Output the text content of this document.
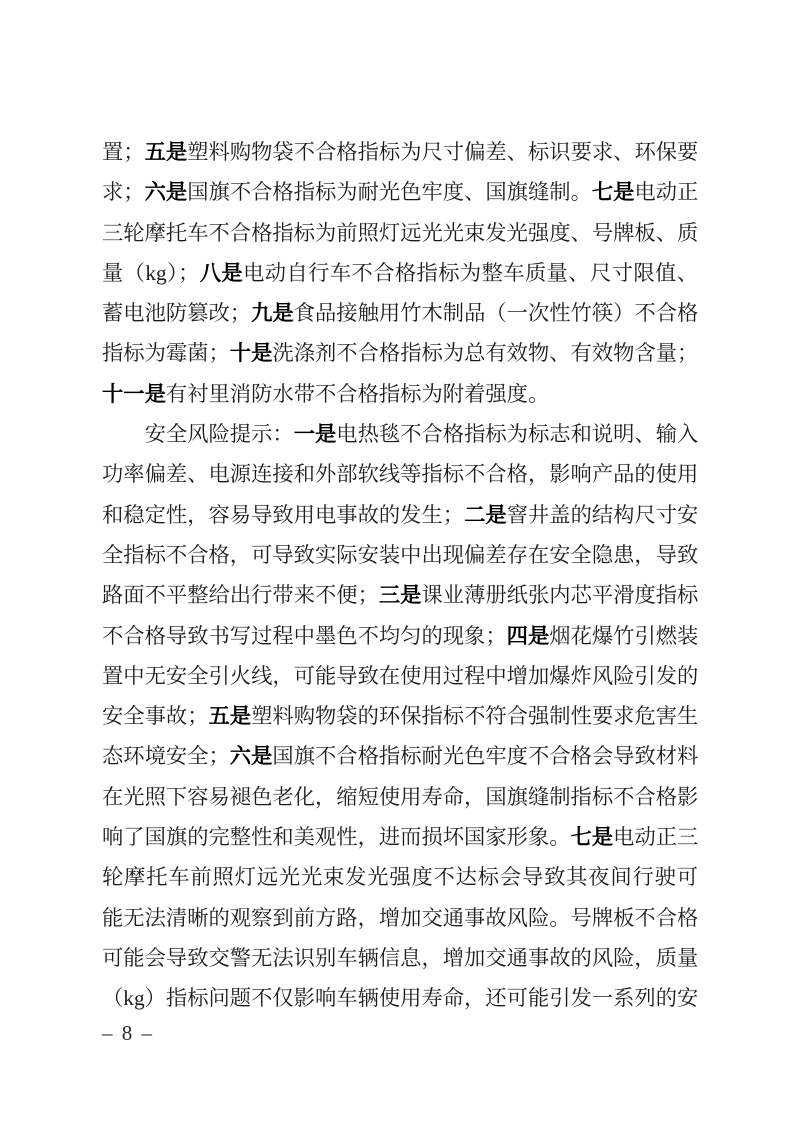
置；五是塑料购物袋不合格指标为尺寸偏差、标识要求、环保要
求；六是国旗不合格指标为耐光色牢度、国旗缝制。七是电动正
三轮摩托车不合格指标为前照灯远光光束发光强度、号牌板、质
量（kg）；八是电动自行车不合格指标为整车质量、尺寸限值、
蓄电池防篡改；九是食品接触用竹木制品（一次性竹筷）不合格
指标为霉菌；十是洗涤剂不合格指标为总有效物、有效物含量；
十一是有衬里消防水带不合格指标为附着强度。
安全风险提示：一是电热毯不合格指标为标志和说明、输入
功率偏差、电源连接和外部软线等指标不合格，影响产品的使用
和稳定性，容易导致用电事故的发生；二是窨井盖的结构尺寸安
全指标不合格，可导致实际安装中出现偏差存在安全隐患，导致
路面不平整给出行带来不便；三是课业薄册纸张内芯平滑度指标
不合格导致书写过程中墨色不均匀的现象；四是烟花爆竹引燃装
置中无安全引火线，可能导致在使用过程中增加爆炸风险引发的
安全事故；五是塑料购物袋的环保指标不符合强制性要求危害生
态环境安全；六是国旗不合格指标耐光色牢度不合格会导致材料
在光照下容易褪色老化，缩短使用寿命，国旗缝制指标不合格影
响了国旗的完整性和美观性，进而损坏国家形象。七是电动正三
轮摩托车前照灯远光光束发光强度不达标会导致其夜间行驶可
能无法清晰的观察到前方路，增加交通事故风险。号牌板不合格
可能会导致交警无法识别车辆信息，增加交通事故的风险，质量
（kg）指标问题不仅影响车辆使用寿命，还可能引发一系列的安
– 8 –
